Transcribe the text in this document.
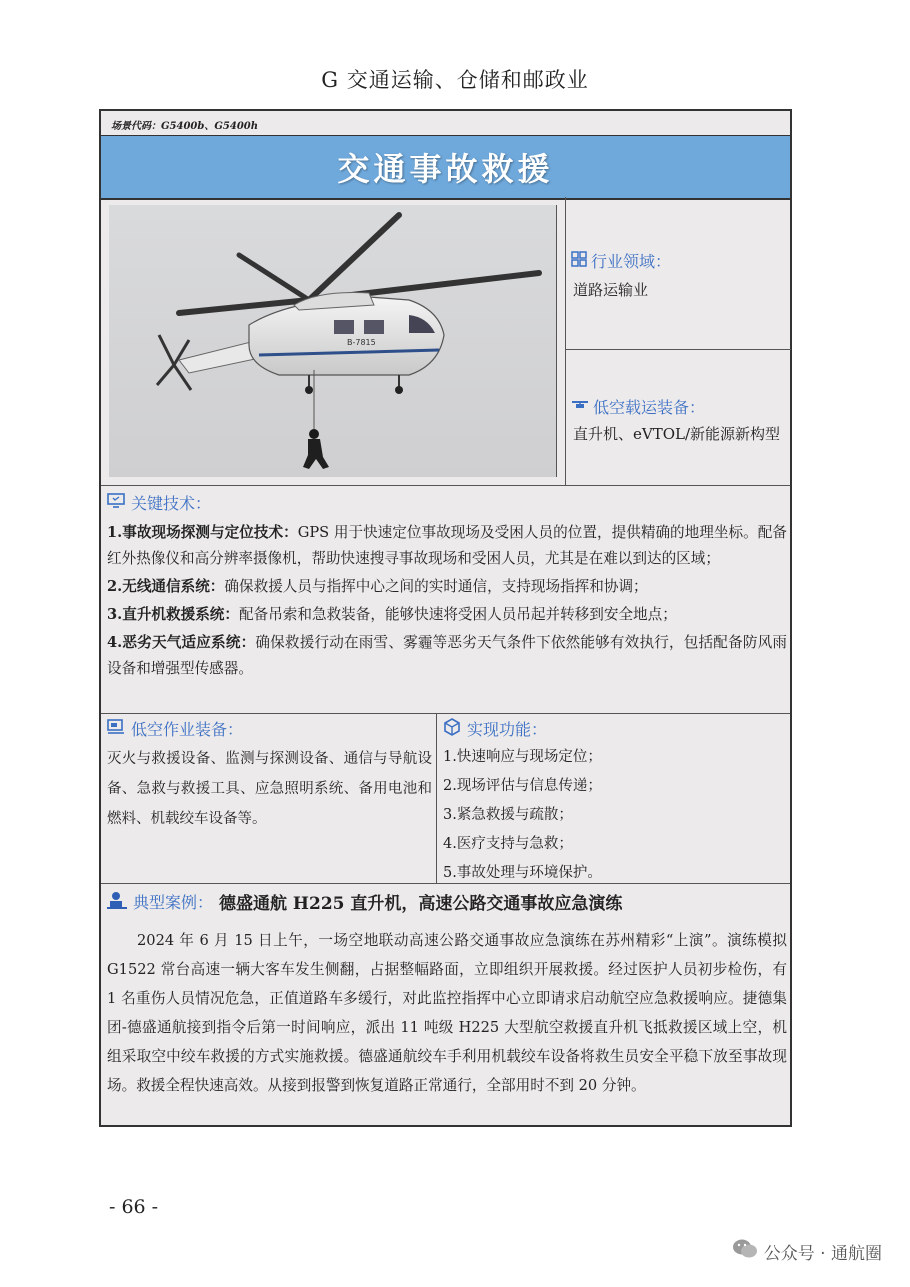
G 交通运输、仓储和邮政业
场景代码：G5400b、G5400h
交通事故救援
B-7815
行业领域：
道路运输业
低空载运装备：
直升机、eVTOL/新能源新构型
关键技术：

1.事故现场探测与定位技术：GPS 用于快速定位事故现场及受困人员的位置，提供精确的地理坐标。配备红外热像仪和高分辨率摄像机，帮助快速搜寻事故现场和受困人员，尤其是在难以到达的区域；

2.无线通信系统：确保救援人员与指挥中心之间的实时通信，支持现场指挥和协调；

3.直升机救援系统：配备吊索和急救装备，能够快速将受困人员吊起并转移到安全地点；

4.恶劣天气适应系统：确保救援行动在雨雪、雾霾等恶劣天气条件下依然能够有效执行，包括配备防风雨设备和增强型传感器。

低空作业装备：

灭火与救援设备、监测与探测设备、通信与导航设备、急救与救援工具、应急照明系统、备用电池和燃料、机载绞车设备等。

实现功能：
1.快速响应与现场定位；
2.现场评估与信息传递；
3.紧急救援与疏散；
4.医疗支持与急救；
5.事故处理与环境保护。
典型案例： 德盛通航 H225 直升机，高速公路交通事故应急演练

2024 年 6 月 15 日上午，一场空地联动高速公路交通事故应急演练在苏州精彩“上演”。演练模拟 G1522 常台高速一辆大客车发生侧翻，占据整幅路面，立即组织开展救援。经过医护人员初步检伤，有 1 名重伤人员情况危急，正值道路车多缓行，对此监控指挥中心立即请求启动航空应急救援响应。捷德集团-德盛通航接到指令后第一时间响应，派出 11 吨级 H225 大型航空救援直升机飞抵救援区域上空，机组采取空中绞车救援的方式实施救援。德盛通航绞车手利用机载绞车设备将救生员安全平稳下放至事故现场。救援全程快速高效。从接到报警到恢复道路正常通行，全部用时不到 20 分钟。

- 66 -
公众号 · 通航圈
